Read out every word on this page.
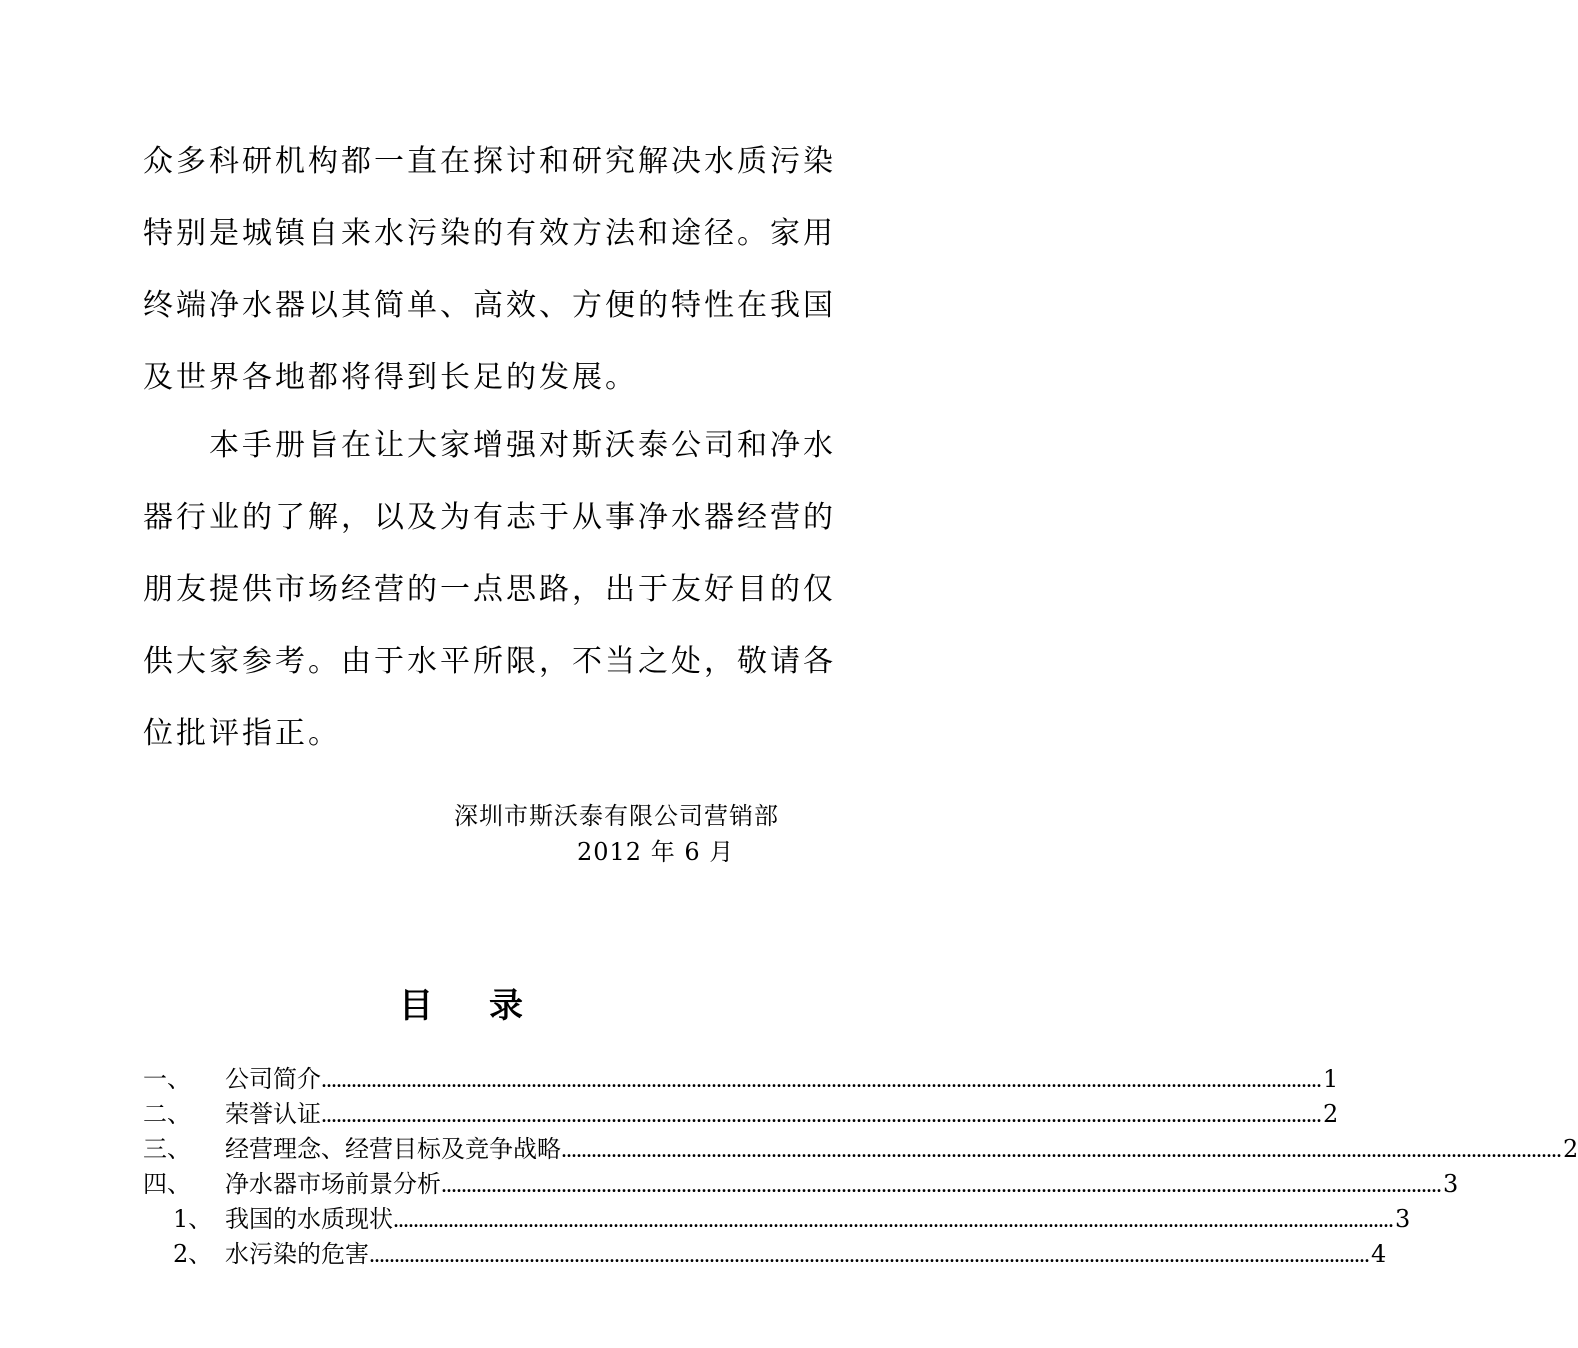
众多科研机构都一直在探讨和研究解决水质污染
特别是城镇自来水污染的有效方法和途径。家用
终端净水器以其简单、高效、方便的特性在我国
及世界各地都将得到长足的发展。
本手册旨在让大家增强对斯沃泰公司和净水
器行业的了解，以及为有志于从事净水器经营的
朋友提供市场经营的一点思路，出于友好目的仅
供大家参考。由于水平所限，不当之处，敬请各
位批评指正。
深圳市斯沃泰有限公司营销部
2012 年 6 月
目录
一、 公司简介 ........................................................................................................................................................................................................ 1
二、 荣誉认证 ........................................................................................................................................................................................................ 2
三、 经营理念、经营目标及竞争战略 ........................................................................................................................................................................................................ 2
四、 净水器市场前景分析 ........................................................................................................................................................................................................ 3
1、 我国的水质现状 ........................................................................................................................................................................................................ 3
2、 水污染的危害 ........................................................................................................................................................................................................ 4
